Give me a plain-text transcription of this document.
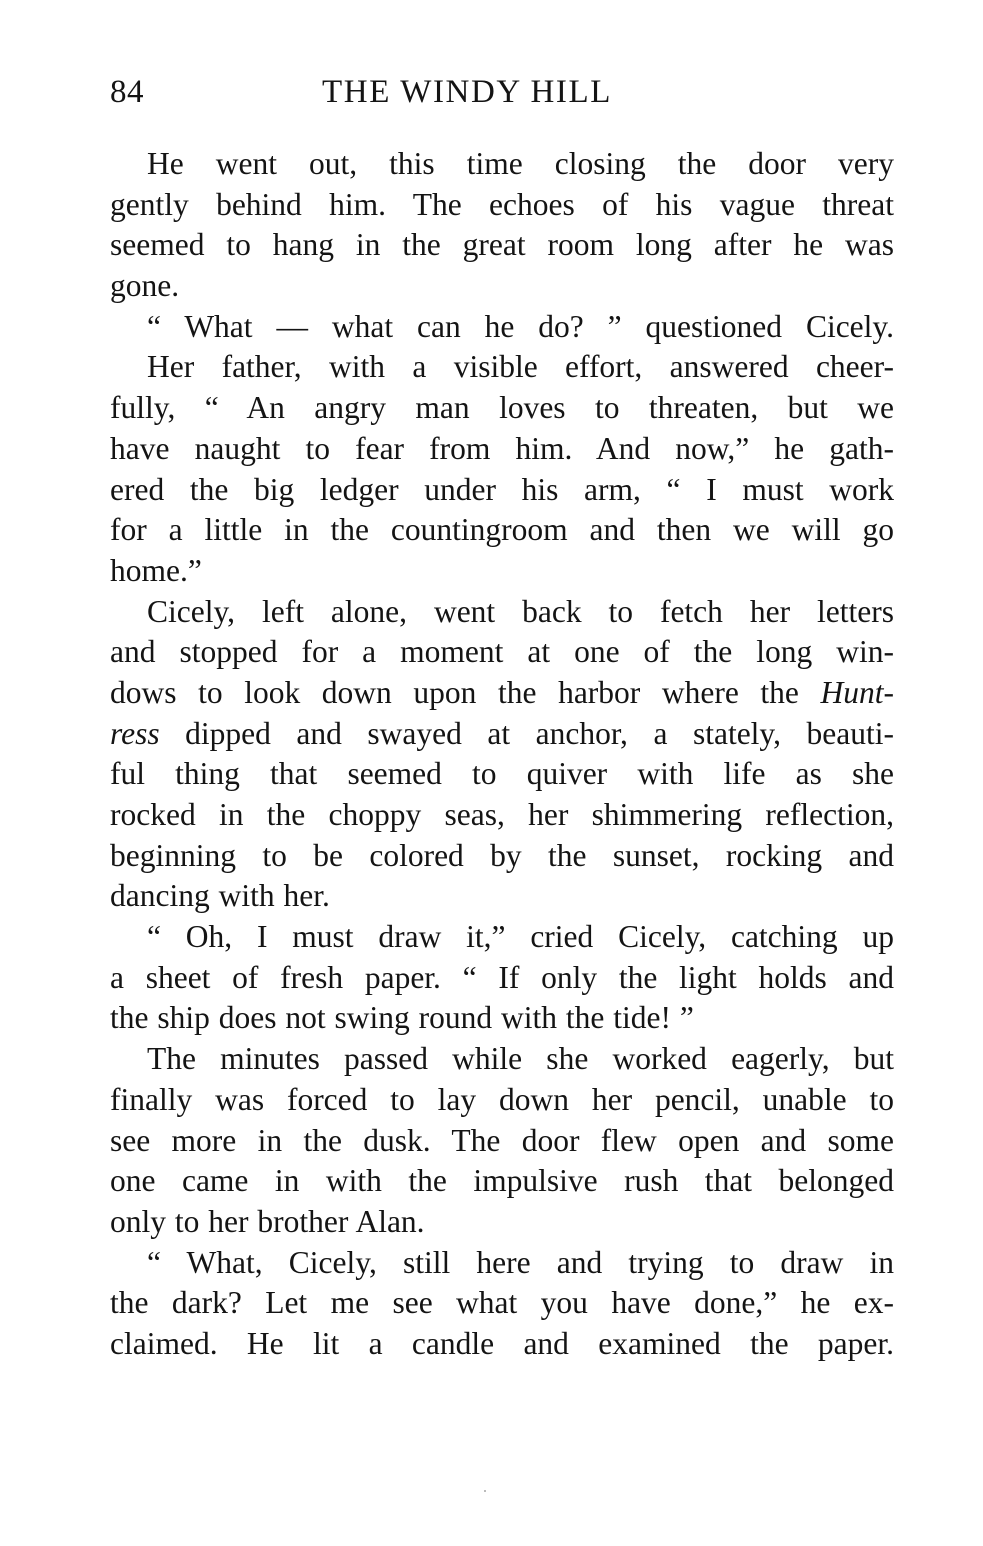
84	THE WINDY HILL
He went out, this time closing the door very
gently behind him. The echoes of his vague threat
seemed to hang in the great room long after he was
gone.
“ What — what can he do? ” questioned Cicely.
Her father, with a visible effort, answered cheer-
fully, “ An angry man loves to threaten, but we
have naught to fear from him. And now,” he gath-
ered the big ledger under his arm, “ I must work
for a little in the countingroom and then we will go
home.”
Cicely, left alone, went back to fetch her letters
and stopped for a moment at one of the long win-
dows to look down upon the harbor where the Hunt-
ress dipped and swayed at anchor, a stately, beauti-
ful thing that seemed to quiver with life as she
rocked in the choppy seas, her shimmering reflection,
beginning to be colored by the sunset, rocking and
dancing with her.
“ Oh, I must draw it,” cried Cicely, catching up
a sheet of fresh paper. “ If only the light holds and
the ship does not swing round with the tide! ”
The minutes passed while she worked eagerly, but
finally was forced to lay down her pencil, unable to
see more in the dusk. The door flew open and some
one came in with the impulsive rush that belonged
only to her brother Alan.
“ What, Cicely, still here and trying to draw in
the dark? Let me see what you have done,” he ex-
claimed. He lit a candle and examined the paper.
